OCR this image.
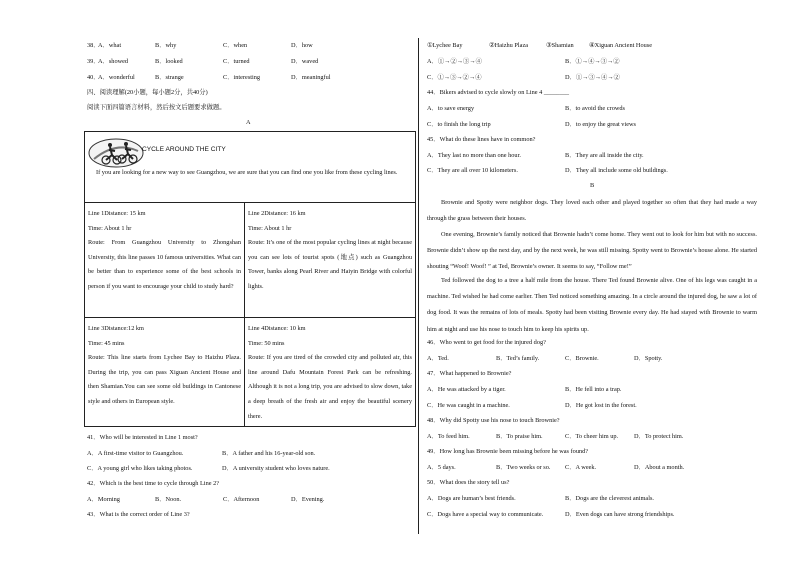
38．
A．what	B．why	C．when	D．how
39．
A．showed	B．looked	C．turned	D．waved
40．
A．wonderful	B．strange	C．interesting	D．meaningful
四、阅读理解(20小题，每小题2分，共40分)
阅读下面四篇语言材料，然后按文后题要求做题。
A
CYCLE AROUND THE CITY
If you are looking for a new way to see Guangzhou, we are sure that you can find one you like from these cycling lines.
Line 1Distance: 15 km
Time: About 1 hr
Route: From Guangzhou University to Zhongshan University, this line passes 10 famous universities. What can be better than to experience some of the best schools in person if you want to encourage your child to study hard?
Line 2Distance: 16 km
Time: About 1 hr
Route: It’s one of the most popular cycling lines at night because you can see lots of tourist spots (地点) such as Guangzhou Tower, banks along Pearl River and Haiyin Bridge with colorful lights.
Line 3Distance:12 km
Time: 45 mins
Route: This line starts from Lychee Bay to Haizhu Plaza. During the trip, you can pass Xiguan Ancient House and then Shamian.You can see some old buildings in Cantonese style and others in European style.
Line 4Distance: 10 km
Time: 50 mins
Route: If you are tired of the crowded city and polluted air, this line around Dafu Mountain Forest Park can be refreshing. Although it is not a long trip, you are advised to slow down, take a deep breath of the fresh air and enjoy the beautiful scenery there.
41．Who will be interested in Line 1 most?
A．A first-time visitor to Guangzhou.	B．A father and his 16-year-old son.
C．A young girl who likes taking photos.	D．A university student who loves nature.
42．Which is the best time to cycle through Line 2?
A．Morning	B．Noon.	C．Afternoon	D．Evening.
43．What is the correct order of Line 3?
①Lychee Bay	②Haizhu Plaza	③Shamian ④Xiguan Ancient House
A．①→②→③→④	B．①→④→③→②
C．①→③→②→④	D．①→③→④→②
44．Bikers advised to cycle slowly on Line 4 ________
A．to save energy	B．to avoid the crowds
C．to finish the long trip	D．to enjoy the great views
45．What do these lines have in common?
A．They last no more than one hour.	B．They are all inside the city.
C．They are all over 10 kilometers.	D．They all include some old buildings.
B
Brownie and Spotty were neighbor dogs. They loved each other and played together so often that they had made a way through the grass between their houses.
One evening, Brownie’s family noticed that Brownie hadn’t come home. They went out to look for him but with no success. Brownie didn’t show up the next day, and by the next week, he was still missing. Spotty went to Brownie’s house alone. He started shouting “Woof! Woof! ” at Ted, Brownie’s owner. It seems to say, “Follow me!”
Ted followed the dog to a tree a half mile from the house. There Ted found Brownie alive. One of his legs was caught in a machine. Ted wished he had come earlier. Then Ted noticed something amazing. In a circle around the injured dog, he saw a lot of dog food. It was the remains of lots of meals. Spotty had been visiting Brownie every day. He had stayed with Brownie to warm him at night and use his nose to touch him to keep his spirits up.
46．Who went to get food for the injured dog?
A．Ted.	B．Ted’s family.	C．Brownie.	D．Spotty.
47．What happened to Brownie?
A．He was attacked by a tiger.	B．He fell into a trap.
C．He was caught in a machine.	D．He got lost in the forest.
48．Why did Spotty use his nose to touch Brownie?
A．To feed him.	B．To praise him.	C．To cheer him up.	D．To protect him.
49．How long has Brownie been missing before he was found?
A．5 days.	B．Two weeks or so. C．A week.	D．About a month.
50．What does the story tell us?
A．Dogs are human’s best friends.	B．Dogs are the cleverest animals.
C．Dogs have a special way to communicate.	D．Even dogs can have strong friendships.
